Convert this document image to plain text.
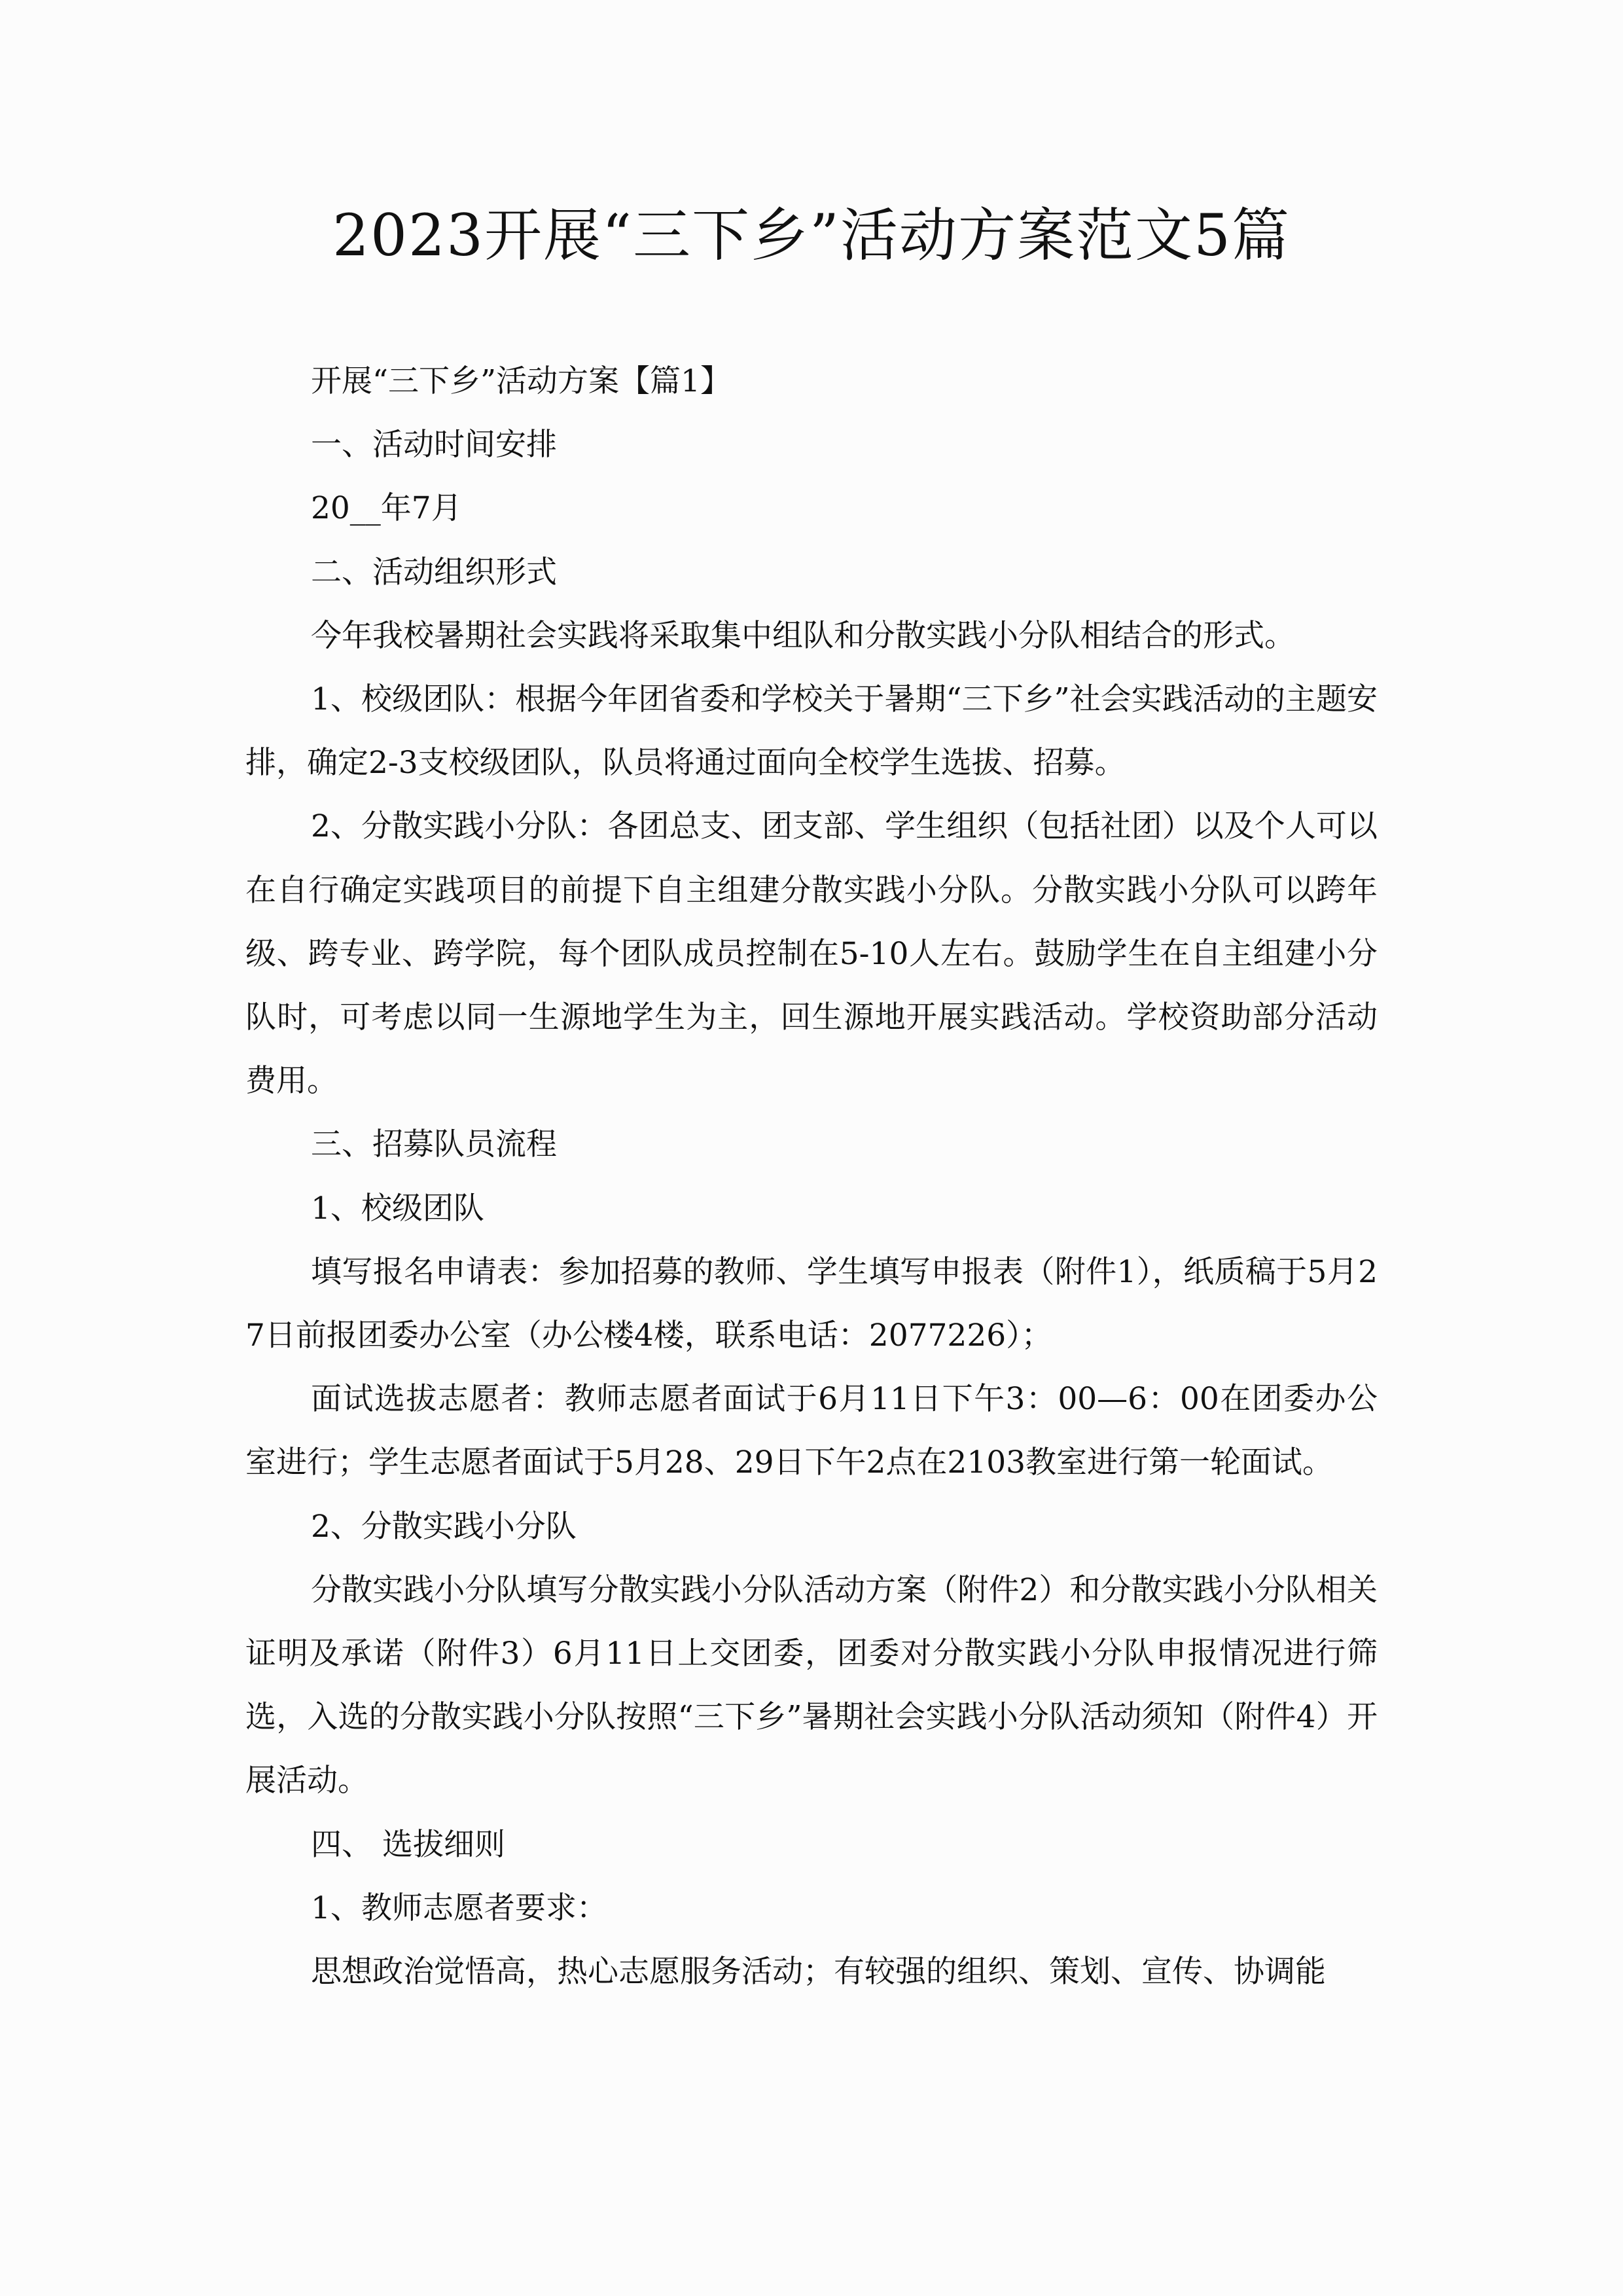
2023开展“三下乡”活动方案范文5篇

开展“三下乡”活动方案【篇1】

一、活动时间安排

20__年7月

二、活动组织形式

今年我校暑期社会实践将采取集中组队和分散实践小分队相结合的形式。

1、校级团队：根据今年团省委和学校关于暑期“三下乡”社会实践活动的主题安排，确定2-3支校级团队，队员将通过面向全校学生选拔、招募。

2、分散实践小分队：各团总支、团支部、学生组织（包括社团）以及个人可以在自行确定实践项目的前提下自主组建分散实践小分队。分散实践小分队可以跨年级、跨专业、跨学院，每个团队成员控制在5-10人左右。鼓励学生在自主组建小分队时，可考虑以同一生源地学生为主，回生源地开展实践活动。学校资助部分活动费用。

三、招募队员流程

1、校级团队

填写报名申请表：参加招募的教师、学生填写申报表（附件1），纸质稿于5月27日前报团委办公室（办公楼4楼，联系电话：2077226）；

面试选拔志愿者：教师志愿者面试于6月11日下午3：00—6：00在团委办公室进行；学生志愿者面试于5月28、29日下午2点在2103教室进行第一轮面试。

2、分散实践小分队

分散实践小分队填写分散实践小分队活动方案（附件2）和分散实践小分队相关证明及承诺（附件3）6月11日上交团委，团委对分散实践小分队申报情况进行筛选，入选的分散实践小分队按照“三下乡”暑期社会实践小分队活动须知（附件4）开展活动。

四、 选拔细则

1、教师志愿者要求：

思想政治觉悟高，热心志愿服务活动；有较强的组织、策划、宣传、协调能
